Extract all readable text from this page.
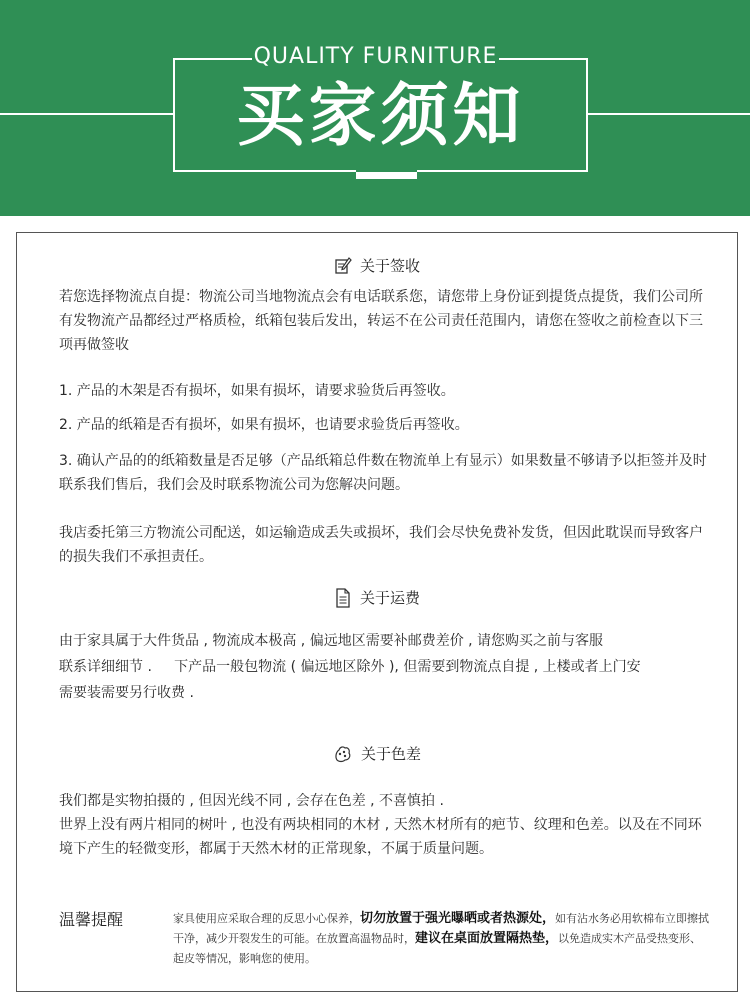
QUALITY FURNITURE
买家须知
关于签收

若您选择物流点自提：物流公司当地物流点会有电话联系您，请您带上身份证到提货点提货，我们公司所有发物流产品都经过严格质检，纸箱包装后发出，转运不在公司责任范围内，请您在签收之前检查以下三项再做签收

1. 产品的木架是否有损坏，如果有损坏，请要求验货后再签收。

2. 产品的纸箱是否有损坏，如果有损坏，也请要求验货后再签收。

3. 确认产品的的纸箱数量是否足够（产品纸箱总件数在物流单上有显示）如果数量不够请予以拒签并及时联系我们售后，我们会及时联系物流公司为您解决问题。

我店委托第三方物流公司配送，如运输造成丢失或损坏，我们会尽快免费补发货，但因此耽误而导致客户的损失我们不承担责任。

关于运费

由于家具属于大件货品 , 物流成本极高 , 偏远地区需要补邮费差价 , 请您购买之前与客服

联系详细细节 .     下产品一般包物流 ( 偏远地区除外 ), 但需要到物流点自提 , 上楼或者上门安

需要装需要另行收费 .

关于色差

我们都是实物拍摄的 , 但因光线不同 , 会存在色差 , 不喜慎拍 .

世界上没有两片相同的树叶 , 也没有两块相同的木材 , 天然木材所有的疤节、纹理和色差。以及在不同环境下产生的轻微变形，都属于天然木材的正常现象，不属于质量问题。

温馨提醒	家具使用应采取合理的反思小心保养，切勿放置于强光曝晒或者热源处，如有沾水务必用软棉布立即擦拭干净，减少开裂发生的可能。在放置高温物品时，建议在桌面放置隔热垫，以免造成实木产品受热变形、起皮等情况，影响您的使用。
